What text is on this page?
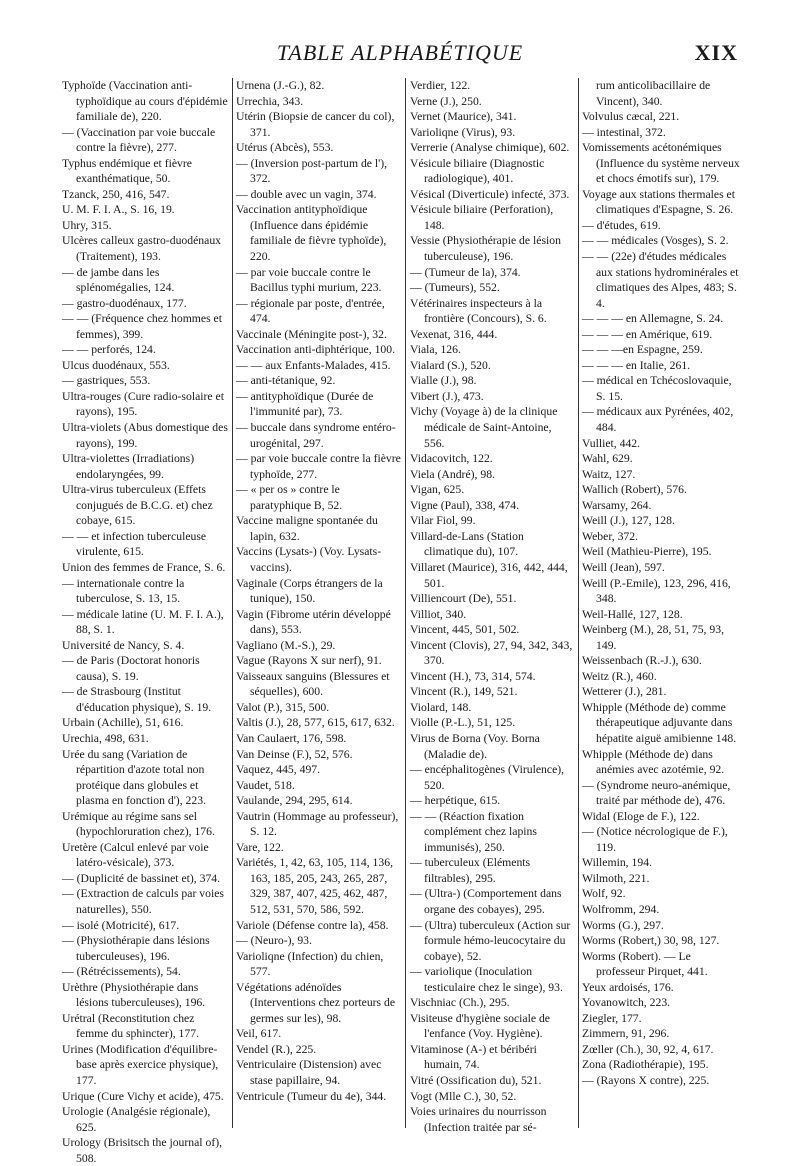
TABLE ALPHABÉTIQUE	XIX

Typhoïde (Vaccination anti-typhoïdique au cours d'épidémie familiale de), 220.

— (Vaccination par voie buccale contre la fièvre), 277.

Typhus endémique et fièvre exanthématique, 50.

Tzanck, 250, 416, 547.

U. M. F. I. A., S. 16, 19.

Uhry, 315.

Ulcères calleux gastro-duodénaux (Traitement), 193.

— de jambe dans les splénomégalies, 124.

— gastro-duodénaux, 177.

— — (Fréquence chez hommes et femmes), 399.

— — perforés, 124.

Ulcus duodénaux, 553.

— gastriques, 553.

Ultra-rouges (Cure radio-solaire et rayons), 195.

Ultra-violets (Abus domestique des rayons), 199.

Ultra-violettes (Irradiations) endolaryngées, 99.

Ultra-virus tuberculeux (Effets conjugués de B.C.G. et) chez cobaye, 615.

— — et infection tuberculeuse virulente, 615.

Union des femmes de France, S. 6.

— internationale contre la tuberculose, S. 13, 15.

— médicale latine (U. M. F. I. A.), 88, S. 1.

Université de Nancy, S. 4.

— de Paris (Doctorat honoris causa), S. 19.

— de Strasbourg (Institut d'éducation physique), S. 19.

Urbain (Achille), 51, 616.

Urechia, 498, 631.

Urée du sang (Variation de répartition d'azote total non protéique dans globules et plasma en fonction d'), 223.

Urémique au régime sans sel (hypochloruration chez), 176.

Uretère (Calcul enlevé par voie latéro-vésicale), 373.

— (Duplicité de bassinet et), 374.

— (Extraction de calculs par voies naturelles), 550.

— isolé (Motricité), 617.

— (Physiothérapie dans lésions tuberculeuses), 196.

— (Rétrécissements), 54.

Urèthre (Physiothérapie dans lésions tuberculeuses), 196.

Urétral (Reconstitution chez femme du sphincter), 177.

Urines (Modification d'équilibre-base après exercice physique), 177.

Urique (Cure Vichy et acide), 475.

Urologie (Analgésie régionale), 625.

Urology (Brisitsch the journal of), 508.

Urnena (J.-G.), 82.

Urrechia, 343.

Utérin (Biopsie de cancer du col), 371.

Utérus (Abcès), 553.

— (Inversion post-partum de l'), 372.

— double avec un vagin, 374.

Vaccination antityphoïdique (Influence dans épidémie familiale de fièvre typhoïde), 220.

— par voie buccale contre le Bacillus typhi murium, 223.

— régionale par poste, d'entrée, 474.

Vaccinale (Méningite post-), 32.

Vaccination anti-diphtérique, 100.

— — aux Enfants-Malades, 415.

— anti-tétanique, 92.

— antityphoïdique (Durée de l'immunité par), 73.

— buccale dans syndrome entéro-urogénital, 297.

— par voie buccale contre la fièvre typhoïde, 277.

— « per os » contre le paratyphique B, 52.

Vaccine maligne spontanée du lapin, 632.

Vaccins (Lysats-) (Voy. Lysats-vaccins).

Vaginale (Corps étrangers de la tunique), 150.

Vagin (Fibrome utérin développé dans), 553.

Vagliano (M.-S.), 29.

Vague (Rayons X sur nerf), 91.

Vaisseaux sanguins (Blessures et séquelles), 600.

Valot (P.), 315, 500.

Valtis (J.), 28, 577, 615, 617, 632.

Van Caulaert, 176, 598.

Van Deinse (F.), 52, 576.

Vaquez, 445, 497.

Vaudet, 518.

Vaulande, 294, 295, 614.

Vautrin (Hommage au professeur), S. 12.

Vare, 122.

Variétés, 1, 42, 63, 105, 114, 136, 163, 185, 205, 243, 265, 287, 329, 387, 407, 425, 462, 487, 512, 531, 570, 586, 592.

Variole (Défense contre la), 458.

— (Neuro-), 93.

Varioliqne (Infection) du chien, 577.

Végétations adénoïdes (Interventions chez porteurs de germes sur les), 98.

Veil, 617.

Vendel (R.), 225.

Ventriculaire (Distension) avec stase papillaire, 94.

Ventricule (Tumeur du 4e), 344.

Verdier, 122.

Verne (J.), 250.

Vernet (Maurice), 341.

Varioliqne (Virus), 93.

Verrerie (Analyse chimique), 602.

Vésicule biliaire (Diagnostic radiologique), 401.

Vésical (Diverticule) infecté, 373.

Vésicule biliaire (Perforation), 148.

Vessie (Physiothérapie de lésion tuberculeuse), 196.

— (Tumeur de la), 374.

— (Tumeurs), 552.

Vétérinaires inspecteurs à la frontière (Concours), S. 6.

Vexenat, 316, 444.

Viala, 126.

Vialard (S.), 520.

Vialle (J.), 98.

Vibert (J.), 473.

Vichy (Voyage à) de la clinique médicale de Saint-Antoine, 556.

Vidacovitch, 122.

Viela (André), 98.

Vigan, 625.

Vigne (Paul), 338, 474.

Vilar Fiol, 99.

Villard-de-Lans (Station climatique du), 107.

Villaret (Maurice), 316, 442, 444, 501.

Villiencourt (De), 551.

Villiot, 340.

Vincent, 445, 501, 502.

Vincent (Clovis), 27, 94, 342, 343, 370.

Vincent (H.), 73, 314, 574.

Vincent (R.), 149, 521.

Violard, 148.

Violle (P.-L.), 51, 125.

Virus de Borna (Voy. Borna (Maladie de).

— encéphalitogènes (Virulence), 520.

— herpétique, 615.

— — (Réaction fixation complément chez lapins immunisés), 250.

— tuberculeux (Eléments filtrables), 295.

— (Ultra-) (Comportement dans organe des cobayes), 295.

— (Ultra) tuberculeux (Action sur formule hémo-leucocytaire du cobaye), 52.

— variolique (Inoculation testiculaire chez le singe), 93.

Vischniac (Ch.), 295.

Visiteuse d'hygiène sociale de l'enfance (Voy. Hygiène).

Vitaminose (A-) et béribéri humain, 74.

Vitré (Ossification du), 521.

Vogt (Mlle C.), 30, 52.

Voies urinaires du nourrisson (Infection traitée par sé-

rum anticolibacillaire de Vincent), 340.

Volvulus cæcal, 221.

— intestinal, 372.

Vomissements acétonémiques (Influence du système nerveux et chocs émotifs sur), 179.

Voyage aux stations thermales et climatiques d'Espagne, S. 26.

— d'études, 619.

— — médicales (Vosges), S. 2.

— — (22e) d'études médicales aux stations hydrominérales et climatiques des Alpes, 483; S. 4.

— — — en Allemagne, S. 24.

— — — en Amérique, 619.

— — —en Espagne, 259.

— — — en Italie, 261.

— médical en Tchécoslovaquie, S. 15.

— médicaux aux Pyrénées, 402, 484.

Vulliet, 442.

Wahl, 629.

Waitz, 127.

Wallich (Robert), 576.

Warsamy, 264.

Weill (J.), 127, 128.

Weber, 372.

Weil (Mathieu-Pierre), 195.

Weill (Jean), 597.

Weill (P.-Emile), 123, 296, 416, 348.

Weil-Hallé, 127, 128.

Weinberg (M.), 28, 51, 75, 93, 149.

Weissenbach (R.-J.), 630.

Weitz (R.), 460.

Wetterer (J.), 281.

Whipple (Méthode de) comme thérapeutique adjuvante dans hépatite aiguë amibienne 148.

Whipple (Méthode de) dans anémies avec azotémie, 92.

— (Syndrome neuro-anémique, traité par méthode de), 476.

Widal (Eloge de F.), 122.

— (Notice nécrologique de F.), 119.

Willemin, 194.

Wilmoth, 221.

Wolf, 92.

Wolfromm, 294.

Worms (G.), 297.

Worms (Robert,) 30, 98, 127.

Worms (Robert). — Le professeur Pirquet, 441.

Yeux ardoisés, 176.

Yovanowitch, 223.

Ziegler, 177.

Zimmern, 91, 296.

Zœller (Ch.), 30, 92, 4, 617.

Zona (Radiothérapie), 195.

— (Rayons X contre), 225.
